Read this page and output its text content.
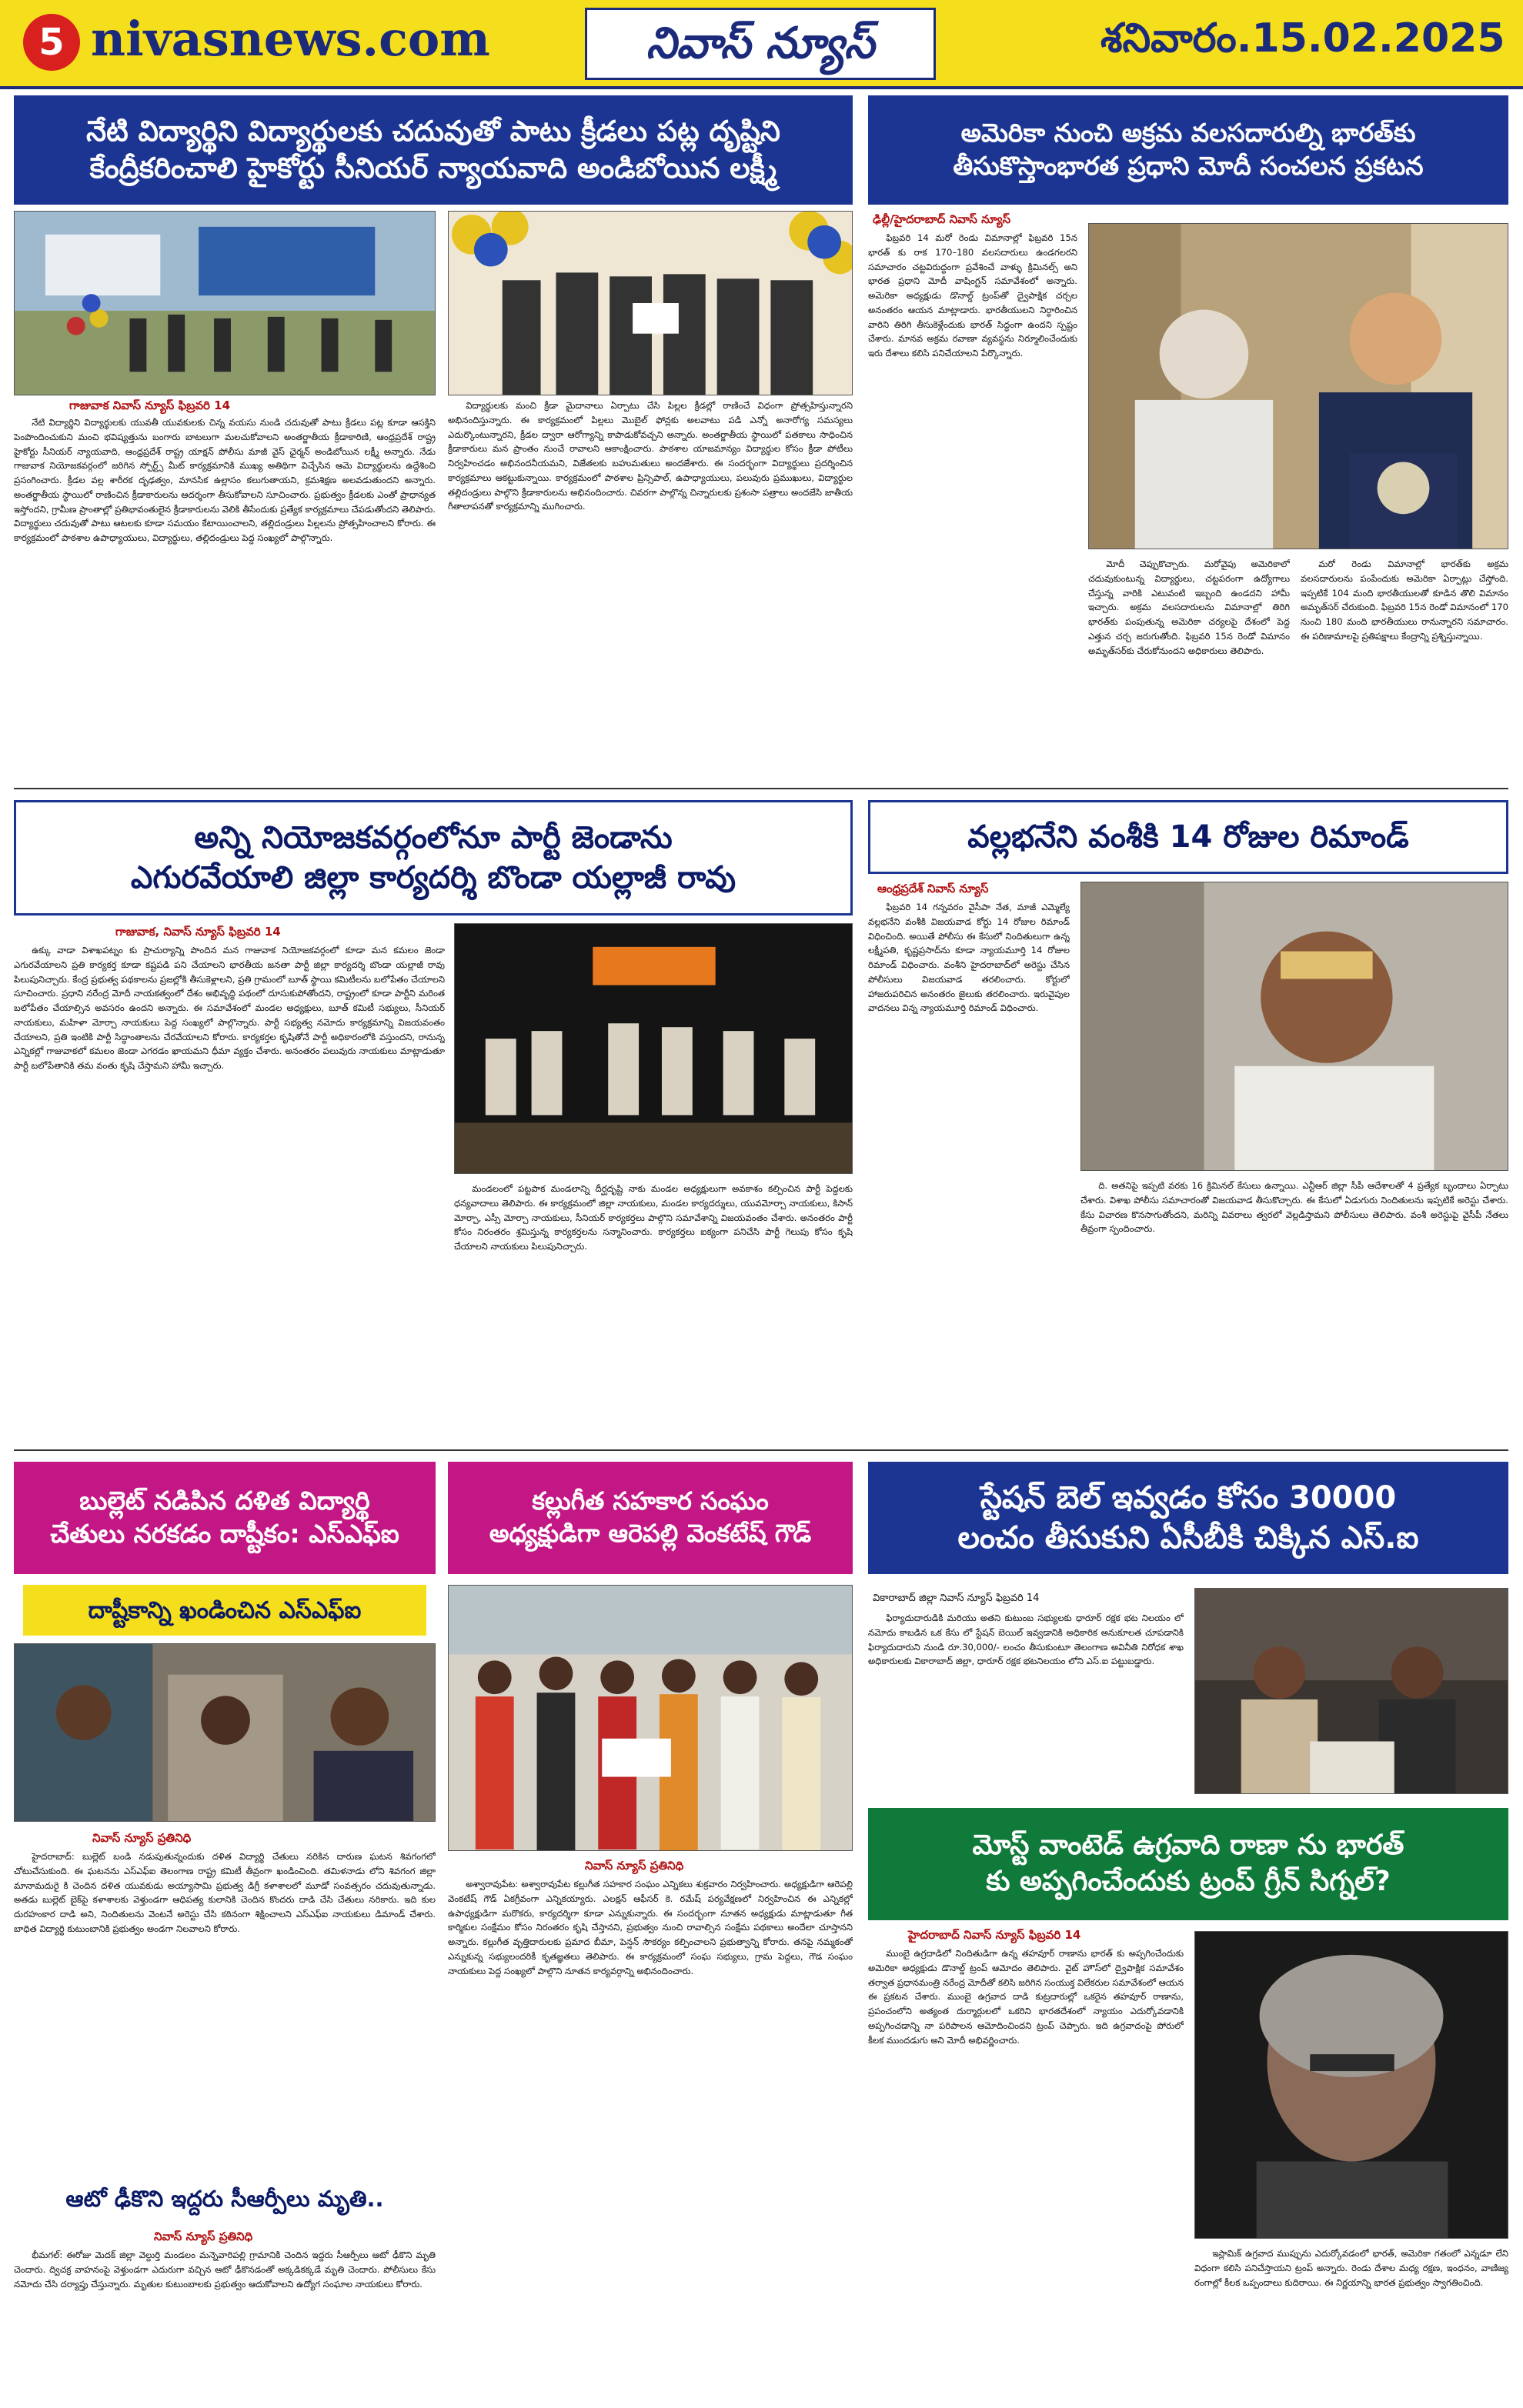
5 nivasnews.com	నివాస్ న్యూస్	శనివారం.15.02.2025
నేటి విద్యార్థిని విద్యార్థులకు చదువుతో పాటు క్రీడలు పట్ల దృష్టిని
కేంద్రీకరించాలి హైకోర్టు సీనియర్ న్యాయవాది అండిబోయిన లక్ష్మీ
గాజువాక నివాస్ న్యూస్ ఫిబ్రవరి 14

నేటి విద్యార్థిని విద్యార్థులకు యువతీ యువకులకు చిన్న వయసు నుండి చదువుతో పాటు క్రీడలు పట్ల కూడా ఆసక్తిని పెంపొందించుకుని మంచి భవిష్యత్తును బంగారు బాటలుగా మలచుకోవాలని అంతర్జాతీయ క్రీడాకారిణి, ఆంధ్రప్రదేశ్ రాష్ట్ర హైకోర్టు సీనియర్ న్యాయవాది, ఆంధ్రప్రదేశ్ రాష్ట్ర యాక్షన్ పోలీసు మాజీ వైస్ ఛైర్మన్ అండిబోయిన లక్ష్మీ అన్నారు. నేడు గాజువాక నియోజకవర్గంలో జరిగిన స్పోర్ట్స్ మీట్ కార్యక్రమానికి ముఖ్య అతిథిగా విచ్చేసిన ఆమె విద్యార్థులను ఉద్దేశించి ప్రసంగించారు. క్రీడల వల్ల శారీరక దృఢత్వం, మానసిక ఉల్లాసం కలుగుతాయని, క్రమశిక్షణ అలవడుతుందని అన్నారు. అంతర్జాతీయ స్థాయిలో రాణించిన క్రీడాకారులను ఆదర్శంగా తీసుకోవాలని సూచించారు. ప్రభుత్వం క్రీడలకు ఎంతో ప్రాధాన్యత ఇస్తోందని, గ్రామీణ ప్రాంతాల్లో ప్రతిభావంతులైన క్రీడాకారులను వెలికి తీసేందుకు ప్రత్యేక కార్యక్రమాలు చేపడుతోందని తెలిపారు. విద్యార్థులు చదువుతో పాటు ఆటలకు కూడా సమయం కేటాయించాలని, తల్లిదండ్రులు పిల్లలను ప్రోత్సహించాలని కోరారు. ఈ కార్యక్రమంలో పాఠశాల ఉపాధ్యాయులు, విద్యార్థులు, తల్లిదండ్రులు పెద్ద సంఖ్యలో పాల్గొన్నారు.

విద్యార్థులకు మంచి క్రీడా మైదానాలు ఏర్పాటు చేసి పిల్లల క్రీడల్లో రాణించే విధంగా ప్రోత్సహిస్తున్నారని అభినందిస్తున్నారు. ఈ కార్యక్రమంలో పిల్లలు మొబైల్ ఫోన్లకు అలవాటు పడి ఎన్నో అనారోగ్య సమస్యలు ఎదుర్కొంటున్నారని, క్రీడల ద్వారా ఆరోగ్యాన్ని కాపాడుకోవచ్చని అన్నారు. అంతర్జాతీయ స్థాయిలో పతకాలు సాధించిన క్రీడాకారులు మన ప్రాంతం నుంచే రావాలని ఆకాంక్షించారు. పాఠశాల యాజమాన్యం విద్యార్థుల కోసం క్రీడా పోటీలు నిర్వహించడం అభినందనీయమని, విజేతలకు బహుమతులు అందజేశారు. ఈ సందర్భంగా విద్యార్థులు ప్రదర్శించిన కార్యక్రమాలు ఆకట్టుకున్నాయి. కార్యక్రమంలో పాఠశాల ప్రిన్సిపాల్, ఉపాధ్యాయులు, పలువురు ప్రముఖులు, విద్యార్థుల తల్లిదండ్రులు పాల్గొని క్రీడాకారులను అభినందించారు. చివరగా పాల్గొన్న చిన్నారులకు ప్రశంసా పత్రాలు అందజేసి జాతీయ గీతాలాపనతో కార్యక్రమాన్ని ముగించారు.

అమెరికా నుంచి అక్రమ వలసదారుల్ని భారత్‌కు
తీసుకొస్తాంభారత ప్రధాని మోదీ సంచలన ప్రకటన
ఢిల్లీ/హైదరాబాద్ నివాస్ న్యూస్

ఫిబ్రవరి 14 మరో రెండు విమానాల్లో ఫిబ్రవరి 15న భారత్ కు రాక 170–180 వలసదారులు ఉండగలరని సమాచారం చట్టవిరుద్ధంగా ప్రవేశించే వాళ్ళు క్రిమినల్స్ అని భారత ప్రధాని మోదీ వాషింగ్టన్ సమావేశంలో అన్నారు. అమెరికా అధ్యక్షుడు డొనాల్డ్ ట్రంప్‌తో ద్వైపాక్షిక చర్చల అనంతరం ఆయన మాట్లాడారు. భారతీయులని నిర్ధారించిన వారిని తిరిగి తీసుకెళ్లేందుకు భారత్ సిద్ధంగా ఉందని స్పష్టం చేశారు. మానవ అక్రమ రవాణా వ్యవస్థను నిర్మూలించేందుకు ఇరు దేశాలు కలిసి పనిచేయాలని పేర్కొన్నారు.

మోదీ చెప్పుకొచ్చారు. మరోవైపు అమెరికాలో చదువుకుంటున్న విద్యార్థులు, చట్టపరంగా ఉద్యోగాలు చేస్తున్న వారికి ఎటువంటి ఇబ్బంది ఉండదని హామీ ఇచ్చారు. అక్రమ వలసదారులను విమానాల్లో తిరిగి భారత్‌కు పంపుతున్న అమెరికా చర్యలపై దేశంలో పెద్ద ఎత్తున చర్చ జరుగుతోంది. ఫిబ్రవరి 15న రెండో విమానం అమృత్‌సర్‌కు చేరుకోనుందని అధికారులు తెలిపారు.

మరో రెండు విమానాల్లో భారత్‌కు అక్రమ వలసదారులను పంపేందుకు అమెరికా ఏర్పాట్లు చేస్తోంది. ఇప్పటికే 104 మంది భారతీయులతో కూడిన తొలి విమానం అమృత్‌సర్ చేరుకుంది. ఫిబ్రవరి 15న రెండో విమానంలో 170 నుంచి 180 మంది భారతీయులు రానున్నారని సమాచారం. ఈ పరిణామాలపై ప్రతిపక్షాలు కేంద్రాన్ని ప్రశ్నిస్తున్నాయి.

అన్ని నియోజకవర్గంలోనూ పార్టీ జెండాను
ఎగురవేయాలి జిల్లా కార్యదర్శి బొండా యల్లాజీ రావు
గాజువాక, నివాస్ న్యూస్ ఫిబ్రవరి 14

ఉక్కు వాడా విశాఖపట్నం కు ప్రాచుర్యాన్ని పొందిన మన గాజువాక నియోజకవర్గంలో కూడా మన కమలం జెండా ఎగురవేయాలని ప్రతి కార్యకర్త కూడా కష్టపడి పని చేయాలని భారతీయ జనతా పార్టీ జిల్లా కార్యదర్శి బొండా యల్లాజీ రావు పిలుపునిచ్చారు. కేంద్ర ప్రభుత్వ పథకాలను ప్రజల్లోకి తీసుకెళ్లాలని, ప్రతి గ్రామంలో బూత్ స్థాయి కమిటీలను బలోపేతం చేయాలని సూచించారు. ప్రధాని నరేంద్ర మోదీ నాయకత్వంలో దేశం అభివృద్ధి పథంలో దూసుకుపోతోందని, రాష్ట్రంలో కూడా పార్టీని మరింత బలోపేతం చేయాల్సిన అవసరం ఉందని అన్నారు. ఈ సమావేశంలో మండల అధ్యక్షులు, బూత్ కమిటీ సభ్యులు, సీనియర్ నాయకులు, మహిళా మోర్చా నాయకులు పెద్ద సంఖ్యలో పాల్గొన్నారు. పార్టీ సభ్యత్వ నమోదు కార్యక్రమాన్ని విజయవంతం చేయాలని, ప్రతి ఇంటికి పార్టీ సిద్ధాంతాలను చేరవేయాలని కోరారు. కార్యకర్తల కృషితోనే పార్టీ అధికారంలోకి వస్తుందని, రానున్న ఎన్నికల్లో గాజువాకలో కమలం జెండా ఎగరడం ఖాయమని ధీమా వ్యక్తం చేశారు. అనంతరం పలువురు నాయకులు మాట్లాడుతూ పార్టీ బలోపేతానికి తమ వంతు కృషి చేస్తామని హామీ ఇచ్చారు.

మండలంలో పట్టపాక మండలాన్ని దీర్ఘదృష్టి నాకు మండల అధ్యక్షులుగా అవకాశం కల్పించిన పార్టీ పెద్దలకు ధన్యవాదాలు తెలిపారు. ఈ కార్యక్రమంలో జిల్లా నాయకులు, మండల కార్యదర్శులు, యువమోర్చా నాయకులు, కిసాన్ మోర్చా, ఎస్సీ మోర్చా నాయకులు, సీనియర్ కార్యకర్తలు పాల్గొని సమావేశాన్ని విజయవంతం చేశారు. అనంతరం పార్టీ కోసం నిరంతరం శ్రమిస్తున్న కార్యకర్తలను సన్మానించారు. కార్యకర్తలు ఐక్యంగా పనిచేసి పార్టీ గెలుపు కోసం కృషి చేయాలని నాయకులు పిలుపునిచ్చారు.

వల్లభనేని వంశీకి 14 రోజుల రిమాండ్
ఆంధ్రప్రదేశ్ నివాస్ న్యూస్

ఫిబ్రవరి 14 గన్నవరం వైసీపా నేత, మాజీ ఎమ్మెల్యే వల్లభనేని వంశీకి విజయవాడ కోర్టు 14 రోజుల రిమాండ్ విధించింది. అయితే పోలీసు ఈ కేసులో నిందితులుగా ఉన్న లక్ష్మీపతి, కృష్ణప్రసాద్‌ను కూడా న్యాయమూర్తి 14 రోజుల రిమాండ్ విధించారు. వంశీని హైదరాబాద్‌లో అరెస్టు చేసిన పోలీసులు విజయవాడ తరలించారు. కోర్టులో హాజరుపరిచిన అనంతరం జైలుకు తరలించారు. ఇరువైపుల వాదనలు విన్న న్యాయమూర్తి రిమాండ్ విధించారు.

ది. అతనిపై ఇప్పటి వరకు 16 క్రిమినల్ కేసులు ఉన్నాయి. ఎన్టీఆర్ జిల్లా సీపీ ఆదేశాలతో 4 ప్రత్యేక బృందాలు ఏర్పాటు చేశారు. విశాఖ పోలీసు సమాచారంతో విజయవాడ తీసుకొచ్చారు. ఈ కేసులో ఏడుగురు నిందితులను ఇప్పటికే అరెస్టు చేశారు. కేసు విచారణ కొనసాగుతోందని, మరిన్ని వివరాలు త్వరలో వెల్లడిస్తామని పోలీసులు తెలిపారు. వంశీ అరెస్టుపై వైసీపీ నేతలు తీవ్రంగా స్పందించారు.

బుల్లెట్ నడిపిన దళిత విద్యార్థి
చేతులు నరకడం దాష్టీకం: ఎస్ఎఫ్ఐ
దాష్టీకాన్ని ఖండించిన ఎస్ఎఫ్ఐ
నివాస్ న్యూస్ ప్రతినిధి

హైదరాబాద్: బుల్లెట్ బండి నడుపుతున్నందుకు దళిత విద్యార్థి చేతులు నరికిన దారుణ ఘటన శివగంగలో చోటుచేసుకుంది. ఈ ఘటనను ఎస్ఎఫ్ఐ తెలంగాణ రాష్ట్ర కమిటీ తీవ్రంగా ఖండించింది. తమిళనాడు లోని శివగంగ జిల్లా మానామదురై కి చెందిన దళిత యువకుడు అయ్యాసామి ప్రభుత్వ డిగ్రీ కళాశాలలో మూడో సంవత్సరం చదువుతున్నాడు. అతడు బుల్లెట్ బైక్‌పై కళాశాలకు వెళ్తుండగా ఆధిపత్య కులానికి చెందిన కొందరు దాడి చేసి చేతులు నరికారు. ఇది కుల దురహంకార దాడి అని, నిందితులను వెంటనే అరెస్టు చేసి కఠినంగా శిక్షించాలని ఎస్ఎఫ్ఐ నాయకులు డిమాండ్ చేశారు. బాధిత విద్యార్థి కుటుంబానికి ప్రభుత్వం అండగా నిలవాలని కోరారు.

ఆటో ఢీకొని ఇద్దరు సీఆర్పీలు మృతి..
నివాస్ న్యూస్ ప్రతినిధి

భీమగల్: ఈరోజు మెదక్ జిల్లా వెల్దుర్తి మండలం మన్నెవారిపల్లి గ్రామానికి చెందిన ఇద్దరు సీఆర్పీలు ఆటో ఢీకొని మృతి చెందారు. ద్విచక్ర వాహనంపై వెళ్తుండగా ఎదురుగా వచ్చిన ఆటో ఢీకొనడంతో అక్కడికక్కడే మృతి చెందారు. పోలీసులు కేసు నమోదు చేసి దర్యాప్తు చేస్తున్నారు. మృతుల కుటుంబాలకు ప్రభుత్వం ఆదుకోవాలని ఉద్యోగ సంఘాల నాయకులు కోరారు.

కల్లుగీత సహకార సంఘం
అధ్యక్షుడిగా ఆరెపల్లి వెంకటేష్ గౌడ్
నివాస్ న్యూస్ ప్రతినిధి

అశ్వారావుపేట: అశ్వారావుపేట కల్లుగీత సహకార సంఘం ఎన్నికలు శుక్రవారం నిర్వహించారు. అధ్యక్షుడిగా ఆరెపల్లి వెంకటేష్ గౌడ్ ఏకగ్రీవంగా ఎన్నికయ్యారు. ఎలక్షన్ ఆఫీసర్ కె. రమేష్ పర్యవేక్షణలో నిర్వహించిన ఈ ఎన్నికల్లో ఉపాధ్యక్షుడిగా మరొకరు, కార్యదర్శిగా కూడా ఎన్నుకున్నారు. ఈ సందర్భంగా నూతన అధ్యక్షుడు మాట్లాడుతూ గీత కార్మికుల సంక్షేమం కోసం నిరంతరం కృషి చేస్తానని, ప్రభుత్వం నుంచి రావాల్సిన సంక్షేమ పథకాలు అందేలా చూస్తానని అన్నారు. కల్లుగీత వృత్తిదారులకు ప్రమాద బీమా, పెన్షన్ సౌకర్యం కల్పించాలని ప్రభుత్వాన్ని కోరారు. తనపై నమ్మకంతో ఎన్నుకున్న సభ్యులందరికీ కృతజ్ఞతలు తెలిపారు. ఈ కార్యక్రమంలో సంఘ సభ్యులు, గ్రామ పెద్దలు, గౌడ సంఘం నాయకులు పెద్ద సంఖ్యలో పాల్గొని నూతన కార్యవర్గాన్ని అభినందించారు.

స్టేషన్ బెల్ ఇవ్వడం కోసం 30000
లంచం తీసుకుని ఏసీబీకి చిక్కిన ఎస్.ఐ
వికారాబాద్ జిల్లా నివాస్ న్యూస్ ఫిబ్రవరి 14

ఫిర్యాదుదారుడికి మరియు అతని కుటుంబ సభ్యులకు ధారూర్ రక్షక భట నిలయం లో నమోదు కాబడిన ఒక కేసు లో స్టేషన్ బెయిల్ ఇవ్వడానికి అధికారిక అనుకూలత చూపడానికి ఫిర్యాదుదారుని నుండి రూ.30,000/- లంచం తీసుకుంటూ తెలంగాణ అవినీతి నిరోధక శాఖ అధికారులకు వికారాబాద్ జిల్లా, ధారూర్ రక్షక భటనిలయం లోని ఎస్.ఐ పట్టుబడ్డారు.

మోస్ట్ వాంటెడ్ ఉగ్రవాది రాణా ను భారత్
కు అప్పగించేందుకు ట్రంప్ గ్రీన్ సిగ్నల్?
హైదరాబాద్ నివాస్ న్యూస్ ఫిబ్రవరి 14

ముంబై ఉగ్రదాడిలో నిందితుడిగా ఉన్న తహవూర్ రాణాను భారత్ కు అప్పగించేందుకు అమెరికా అధ్యక్షుడు డొనాల్డ్ ట్రంప్ ఆమోదం తెలిపారు. వైట్ హౌస్‌లో ద్వైపాక్షిక సమావేశం తర్వాత ప్రధానమంత్రి నరేంద్ర మోదీతో కలిసి జరిగిన సంయుక్త విలేకరుల సమావేశంలో ఆయన ఈ ప్రకటన చేశారు. ముంబై ఉగ్రవాద దాడి కుట్రదారుల్లో ఒకరైన తహవూర్ రాణాను, ప్రపంచంలోని అత్యంత దుర్మార్గులలో ఒకరిని భారతదేశంలో న్యాయం ఎదుర్కోవడానికి అప్పగించడాన్ని నా పరిపాలన ఆమోదించిందని ట్రంప్ చెప్పారు. ఇది ఉగ్రవాదంపై పోరులో కీలక ముందడుగు అని మోదీ అభివర్ణించారు.

ఇస్లామిక్ ఉగ్రవాద ముప్పును ఎదుర్కోవడంలో భారత్, అమెరికా గతంలో ఎన్నడూ లేని విధంగా కలిసి పనిచేస్తాయని ట్రంప్ అన్నారు. రెండు దేశాల మధ్య రక్షణ, ఇంధనం, వాణిజ్య రంగాల్లో కీలక ఒప్పందాలు కుదిరాయి. ఈ నిర్ణయాన్ని భారత ప్రభుత్వం స్వాగతించింది.
